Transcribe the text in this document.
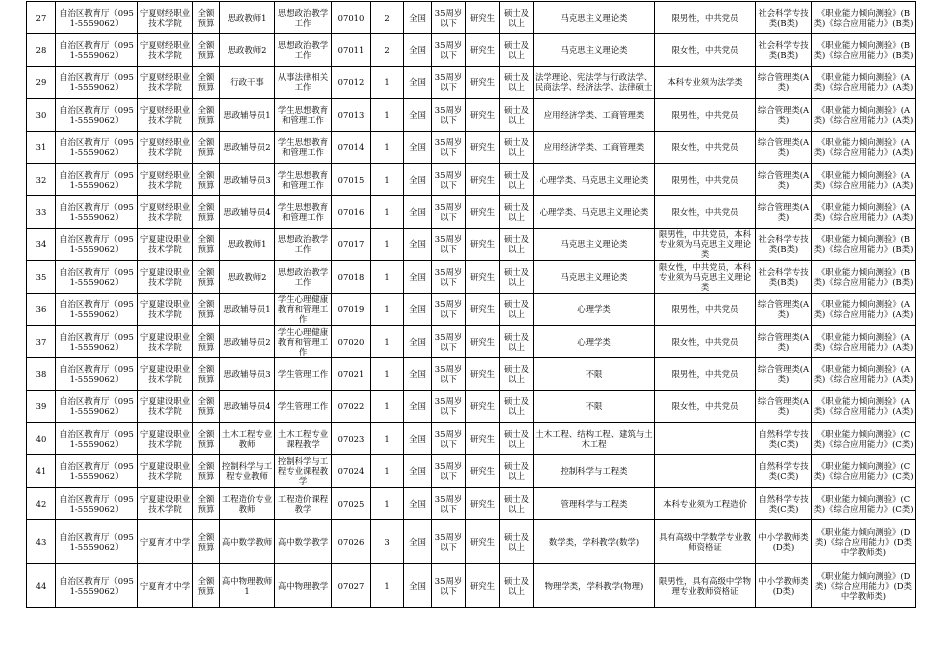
27	自治区教育厅（0951-5559062）	宁夏财经职业技术学院	全额预算	思政教师1	思想政治教学工作	07010	2	全国	35周岁以下	研究生	硕士及以上	马克思主义理论类	限男性，中共党员	社会科学专技类(B类)	《职业能力倾向测验》(B类)《综合应用能力》(B类)
28	自治区教育厅（0951-5559062）	宁夏财经职业技术学院	全额预算	思政教师2	思想政治教学工作	07011	2	全国	35周岁以下	研究生	硕士及以上	马克思主义理论类	限女性，中共党员	社会科学专技类(B类)	《职业能力倾向测验》(B类)《综合应用能力》(B类)
29	自治区教育厅（0951-5559062）	宁夏财经职业技术学院	全额预算	行政干事	从事法律相关工作	07012	1	全国	35周岁以下	研究生	硕士及以上	法学理论、宪法学与行政法学、民商法学、经济法学、法律硕士	本科专业须为法学类	综合管理类(A类)	《职业能力倾向测验》(A类)《综合应用能力》(A类)
30	自治区教育厅（0951-5559062）	宁夏财经职业技术学院	全额预算	思政辅导员1	学生思想教育和管理工作	07013	1	全国	35周岁以下	研究生	硕士及以上	应用经济学类、工商管理类	限男性，中共党员	综合管理类(A类)	《职业能力倾向测验》(A类)《综合应用能力》(A类)
31	自治区教育厅（0951-5559062）	宁夏财经职业技术学院	全额预算	思政辅导员2	学生思想教育和管理工作	07014	1	全国	35周岁以下	研究生	硕士及以上	应用经济学类、工商管理类	限女性，中共党员	综合管理类(A类)	《职业能力倾向测验》(A类)《综合应用能力》(A类)
32	自治区教育厅（0951-5559062）	宁夏财经职业技术学院	全额预算	思政辅导员3	学生思想教育和管理工作	07015	1	全国	35周岁以下	研究生	硕士及以上	心理学类、马克思主义理论类	限男性，中共党员	综合管理类(A类)	《职业能力倾向测验》(A类)《综合应用能力》(A类)
33	自治区教育厅（0951-5559062）	宁夏财经职业技术学院	全额预算	思政辅导员4	学生思想教育和管理工作	07016	1	全国	35周岁以下	研究生	硕士及以上	心理学类、马克思主义理论类	限女性，中共党员	综合管理类(A类)	《职业能力倾向测验》(A类)《综合应用能力》(A类)
34	自治区教育厅（0951-5559062）	宁夏建设职业技术学院	全额预算	思政教师1	思想政治教学工作	07017	1	全国	35周岁以下	研究生	硕士及以上	马克思主义理论类	限男性，中共党员，本科专业须为马克思主义理论类	社会科学专技类(B类)	《职业能力倾向测验》(B类)《综合应用能力》(B类)
35	自治区教育厅（0951-5559062）	宁夏建设职业技术学院	全额预算	思政教师2	思想政治教学工作	07018	1	全国	35周岁以下	研究生	硕士及以上	马克思主义理论类	限女性，中共党员，本科专业须为马克思主义理论类	社会科学专技类(B类)	《职业能力倾向测验》(B类)《综合应用能力》(B类)
36	自治区教育厅（0951-5559062）	宁夏建设职业技术学院	全额预算	思政辅导员1	学生心理健康教育和管理工作	07019	1	全国	35周岁以下	研究生	硕士及以上	心理学类	限男性，中共党员	综合管理类(A类)	《职业能力倾向测验》(A类)《综合应用能力》(A类)
37	自治区教育厅（0951-5559062）	宁夏建设职业技术学院	全额预算	思政辅导员2	学生心理健康教育和管理工作	07020	1	全国	35周岁以下	研究生	硕士及以上	心理学类	限女性，中共党员	综合管理类(A类)	《职业能力倾向测验》(A类)《综合应用能力》(A类)
38	自治区教育厅（0951-5559062）	宁夏建设职业技术学院	全额预算	思政辅导员3	学生管理工作	07021	1	全国	35周岁以下	研究生	硕士及以上	不限	限男性，中共党员	综合管理类(A类)	《职业能力倾向测验》(A类)《综合应用能力》(A类)
39	自治区教育厅（0951-5559062）	宁夏建设职业技术学院	全额预算	思政辅导员4	学生管理工作	07022	1	全国	35周岁以下	研究生	硕士及以上	不限	限女性，中共党员	综合管理类(A类)	《职业能力倾向测验》(A类)《综合应用能力》(A类)
40	自治区教育厅（0951-5559062）	宁夏建设职业技术学院	全额预算	土木工程专业教师	土木工程专业课程教学	07023	1	全国	35周岁以下	研究生	硕士及以上	土木工程、结构工程、建筑与土木工程		自然科学专技类(C类)	《职业能力倾向测验》(C类)《综合应用能力》(C类)
41	自治区教育厅（0951-5559062）	宁夏建设职业技术学院	全额预算	控制科学与工程专业教师	控制科学与工程专业课程教学	07024	1	全国	35周岁以下	研究生	硕士及以上	控制科学与工程类		自然科学专技类(C类)	《职业能力倾向测验》(C类)《综合应用能力》(C类)
42	自治区教育厅（0951-5559062）	宁夏建设职业技术学院	全额预算	工程造价专业教师	工程造价课程教学	07025	1	全国	35周岁以下	研究生	硕士及以上	管理科学与工程类	本科专业须为工程造价	自然科学专技类(C类)	《职业能力倾向测验》(C类)《综合应用能力》(C类)
43	自治区教育厅（0951-5559062）	宁夏育才中学	全额预算	高中数学教师	高中数学教学	07026	3	全国	35周岁以下	研究生	硕士及以上	数学类，学科教学(数学)	具有高级中学数学专业教师资格证	中小学教师类(D类)	《职业能力倾向测验》(D类)《综合应用能力》(D类中学教师类)
44	自治区教育厅（0951-5559062）	宁夏育才中学	全额预算	高中物理教师1	高中物理教学	07027	1	全国	35周岁以下	研究生	硕士及以上	物理学类，学科教学(物理)	限男性，具有高级中学物理专业教师资格证	中小学教师类(D类)	《职业能力倾向测验》(D类)《综合应用能力》(D类中学教师类)
